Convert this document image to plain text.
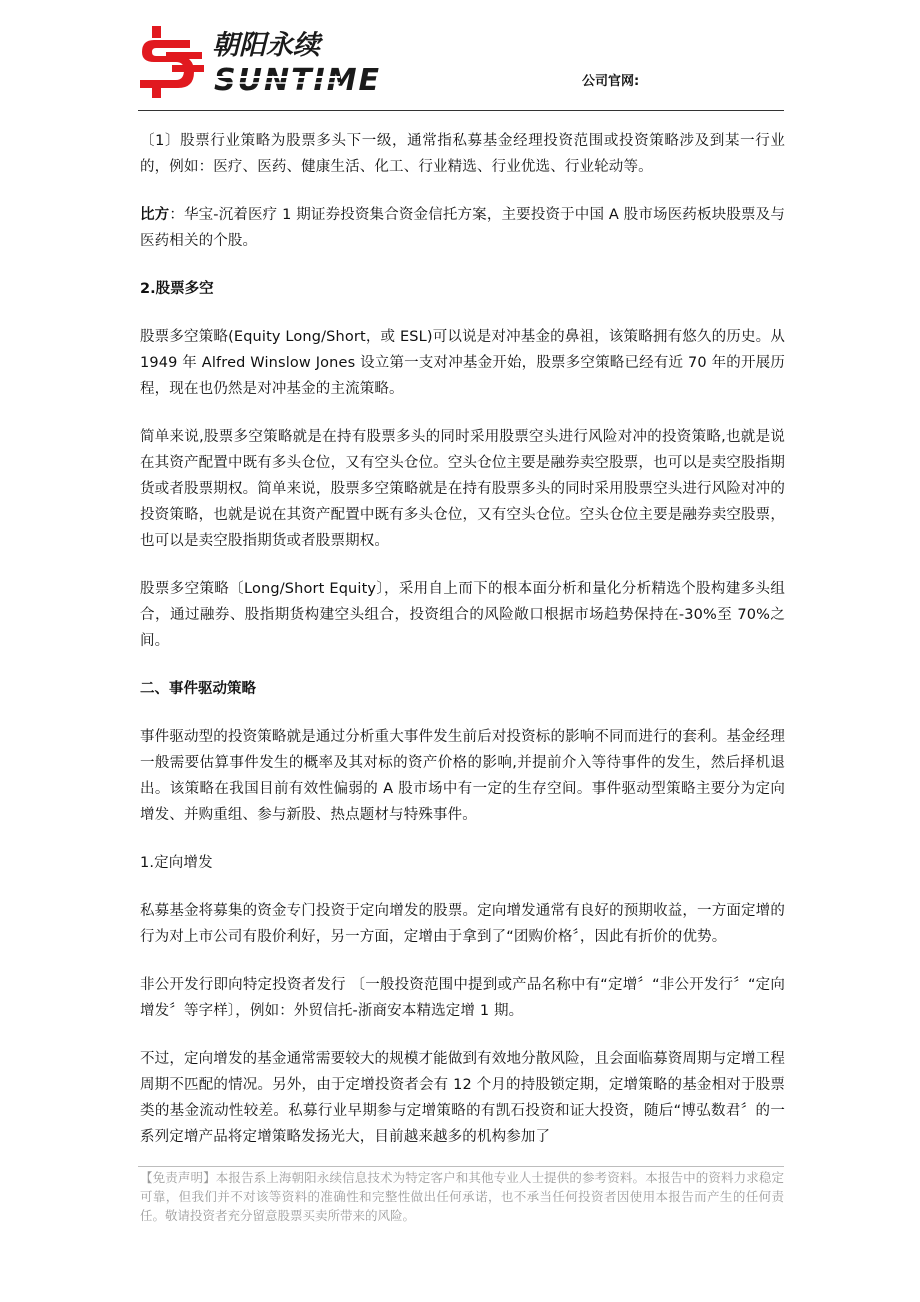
朝阳永续
SUNTIME	公司官网:

〔1〕股票行业策略为股票多头下一级，通常指私募基金经理投资范围或投资策略涉及到某一行业的，例如：医疗、医药、健康生活、化工、行业精选、行业优选、行业轮动等。

比方：华宝-沉着医疗 1 期证券投资集合资金信托方案，主要投资于中国 A 股市场医药板块股票及与医药相关的个股。

2.股票多空

股票多空策略(Equity Long/Short，或 ESL)可以说是对冲基金的鼻祖，该策略拥有悠久的历史。从 1949 年 Alfred Winslow Jones 设立第一支对冲基金开始，股票多空策略已经有近 70 年的开展历程，现在也仍然是对冲基金的主流策略。

简单来说,股票多空策略就是在持有股票多头的同时采用股票空头进行风险对冲的投资策略,也就是说在其资产配置中既有多头仓位，又有空头仓位。空头仓位主要是融券卖空股票，也可以是卖空股指期货或者股票期权。简单来说，股票多空策略就是在持有股票多头的同时采用股票空头进行风险对冲的投资策略，也就是说在其资产配置中既有多头仓位，又有空头仓位。空头仓位主要是融券卖空股票，也可以是卖空股指期货或者股票期权。

股票多空策略〔Long/Short Equity〕，采用自上而下的根本面分析和量化分析精选个股构建多头组合，通过融券、股指期货构建空头组合，投资组合的风险敞口根据市场趋势保持在-30%至 70%之间。

二、事件驱动策略

事件驱动型的投资策略就是通过分析重大事件发生前后对投资标的影响不同而进行的套利。基金经理一般需要估算事件发生的概率及其对标的资产价格的影响,并提前介入等待事件的发生，然后择机退出。该策略在我国目前有效性偏弱的 A 股市场中有一定的生存空间。事件驱动型策略主要分为定向增发、并购重组、参与新股、热点题材与特殊事件。

1.定向增发

私募基金将募集的资金专门投资于定向增发的股票。定向增发通常有良好的预期收益，一方面定增的行为对上市公司有股价利好，另一方面，定增由于拿到了“团购价格〞，因此有折价的优势。

非公开发行即向特定投资者发行 〔一般投资范围中提到或产品名称中有“定增〞“非公开发行〞“定向增发〞等字样〕，例如：外贸信托-浙商安本精选定增 1 期。

不过，定向增发的基金通常需要较大的规模才能做到有效地分散风险，且会面临募资周期与定增工程周期不匹配的情况。另外，由于定增投资者会有 12 个月的持股锁定期，定增策略的基金相对于股票类的基金流动性较差。私募行业早期参与定增策略的有凯石投资和证大投资，随后“博弘数君〞的一系列定增产品将定增策略发扬光大，目前越来越多的机构参加了

【免责声明】本报告系上海朝阳永续信息技术为特定客户和其他专业人士提供的参考资料。本报告中的资料力求稳定可靠，但我们并不对该等资料的准确性和完整性做出任何承诺，也不承当任何投资者因使用本报告而产生的任何责任。敬请投资者充分留意股票买卖所带来的风险。
